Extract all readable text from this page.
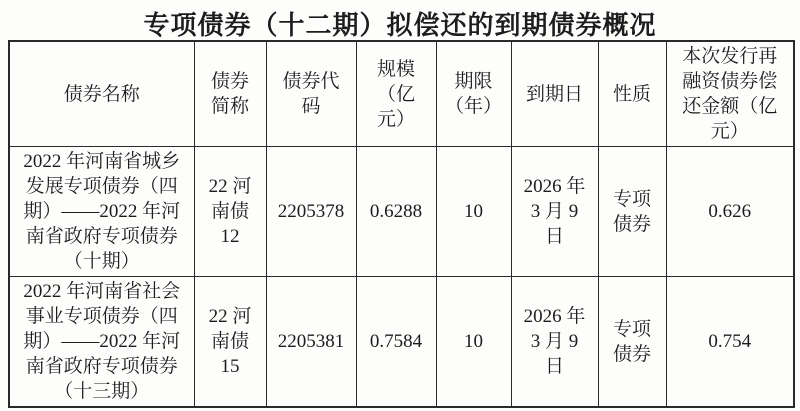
专项债券（十二期）拟偿还的到期债券概况
债券名称	债券简称	债券代码	规模（亿元）	期限（年）	到期日	性质	本次发行再融资债券偿还金额（亿元）
2022 年河南省城乡发展专项债券（四期）——2022 年河南省政府专项债券（十期）	22 河南债 12	2205378	0.6288	10	2026 年 3 月 9 日	专项债券	0.626
2022 年河南省社会事业专项债券（四期）——2022 年河南省政府专项债券（十三期）	22 河南债 15	2205381	0.7584	10	2026 年 3 月 9 日	专项债券	0.754
